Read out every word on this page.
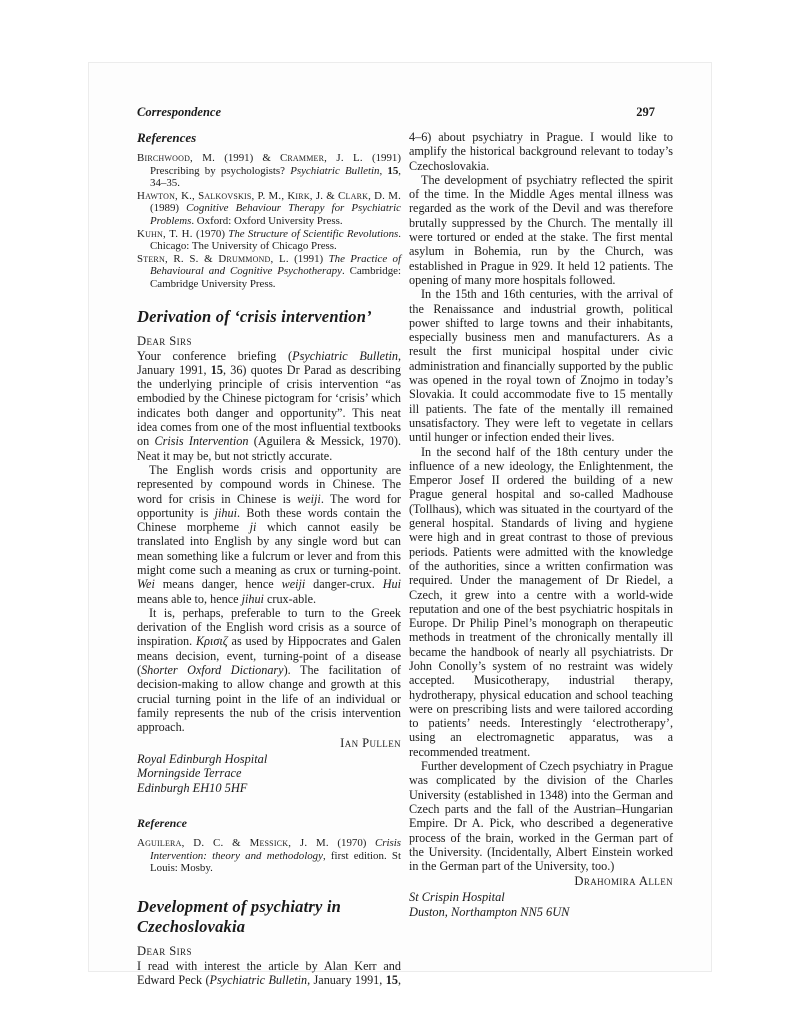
Correspondence
References

Birchwood, M. (1991) & Crammer, J. L. (1991) Prescribing by psychologists? Psychiatric Bulletin, 15, 34–35.

Hawton, K., Salkovskis, P. M., Kirk, J. & Clark, D. M. (1989) Cognitive Behaviour Therapy for Psychiatric Problems. Oxford: Oxford University Press.

Kuhn, T. H. (1970) The Structure of Scientific Revolutions. Chicago: The University of Chicago Press.

Stern, R. S. & Drummond, L. (1991) The Practice of Behavioural and Cognitive Psychotherapy. Cambridge: Cambridge University Press.

Derivation of ‘crisis intervention’
Dear Sirs

Your conference briefing (Psychiatric Bulletin, January 1991, 15, 36) quotes Dr Parad as describing the underlying principle of crisis intervention “as embodied by the Chinese pictogram for ‘crisis’ which indicates both danger and opportunity”. This neat idea comes from one of the most influential textbooks on Crisis Intervention (Aguilera & Messick, 1970). Neat it may be, but not strictly accurate.

The English words crisis and opportunity are represented by compound words in Chinese. The word for crisis in Chinese is weiji. The word for opportunity is jihui. Both these words contain the Chinese morpheme ji which cannot easily be translated into English by any single word but can mean something like a fulcrum or lever and from this might come such a meaning as crux or turning-point. Wei means danger, hence weiji danger-crux. Hui means able to, hence jihui crux-able.

It is, perhaps, preferable to turn to the Greek derivation of the English word crisis as a source of inspiration. Κρισιζ as used by Hippocrates and Galen means decision, event, turning-point of a disease (Shorter Oxford Dictionary). The facilitation of decision-making to allow change and growth at this crucial turning point in the life of an individual or family represents the nub of the crisis intervention approach.

Ian Pullen
Royal Edinburgh Hospital
Morningside Terrace
Edinburgh EH10 5HF
Reference

Aguilera, D. C. & Messick, J. M. (1970) Crisis Intervention: theory and methodology, first edition. St Louis: Mosby.

Development of psychiatry in Czechoslovakia
Dear Sirs

I read with interest the article by Alan Kerr and Edward Peck (Psychiatric Bulletin, January 1991, 15,

297

4–6) about psychiatry in Prague. I would like to amplify the historical background relevant to today’s Czechoslovakia.

The development of psychiatry reflected the spirit of the time. In the Middle Ages mental illness was regarded as the work of the Devil and was therefore brutally suppressed by the Church. The mentally ill were tortured or ended at the stake. The first mental asylum in Bohemia, run by the Church, was established in Prague in 929. It held 12 patients. The opening of many more hospitals followed.

In the 15th and 16th centuries, with the arrival of the Renaissance and industrial growth, political power shifted to large towns and their inhabitants, especially business men and manufacturers. As a result the first municipal hospital under civic administration and financially supported by the public was opened in the royal town of Znojmo in today’s Slovakia. It could accommodate five to 15 mentally ill patients. The fate of the mentally ill remained unsatisfactory. They were left to vegetate in cellars until hunger or infection ended their lives.

In the second half of the 18th century under the influence of a new ideology, the Enlightenment, the Emperor Josef II ordered the building of a new Prague general hospital and so-called Madhouse (Tollhaus), which was situated in the courtyard of the general hospital. Standards of living and hygiene were high and in great contrast to those of previous periods. Patients were admitted with the knowledge of the authorities, since a written confirmation was required. Under the management of Dr Riedel, a Czech, it grew into a centre with a world-wide reputation and one of the best psychiatric hospitals in Europe. Dr Philip Pinel’s monograph on therapeutic methods in treatment of the chronically mentally ill became the handbook of nearly all psychiatrists. Dr John Conolly’s system of no restraint was widely accepted. Musicotherapy, industrial therapy, hydrotherapy, physical education and school teaching were on prescribing lists and were tailored according to patients’ needs. Interestingly ‘electrotherapy’, using an electromagnetic apparatus, was a recommended treatment.

Further development of Czech psychiatry in Prague was complicated by the division of the Charles University (established in 1348) into the German and Czech parts and the fall of the Austrian–Hungarian Empire. Dr A. Pick, who described a degenerative process of the brain, worked in the German part of the University. (Incidentally, Albert Einstein worked in the German part of the University, too.)

Drahomira Allen
St Crispin Hospital
Duston, Northampton NN5 6UN
